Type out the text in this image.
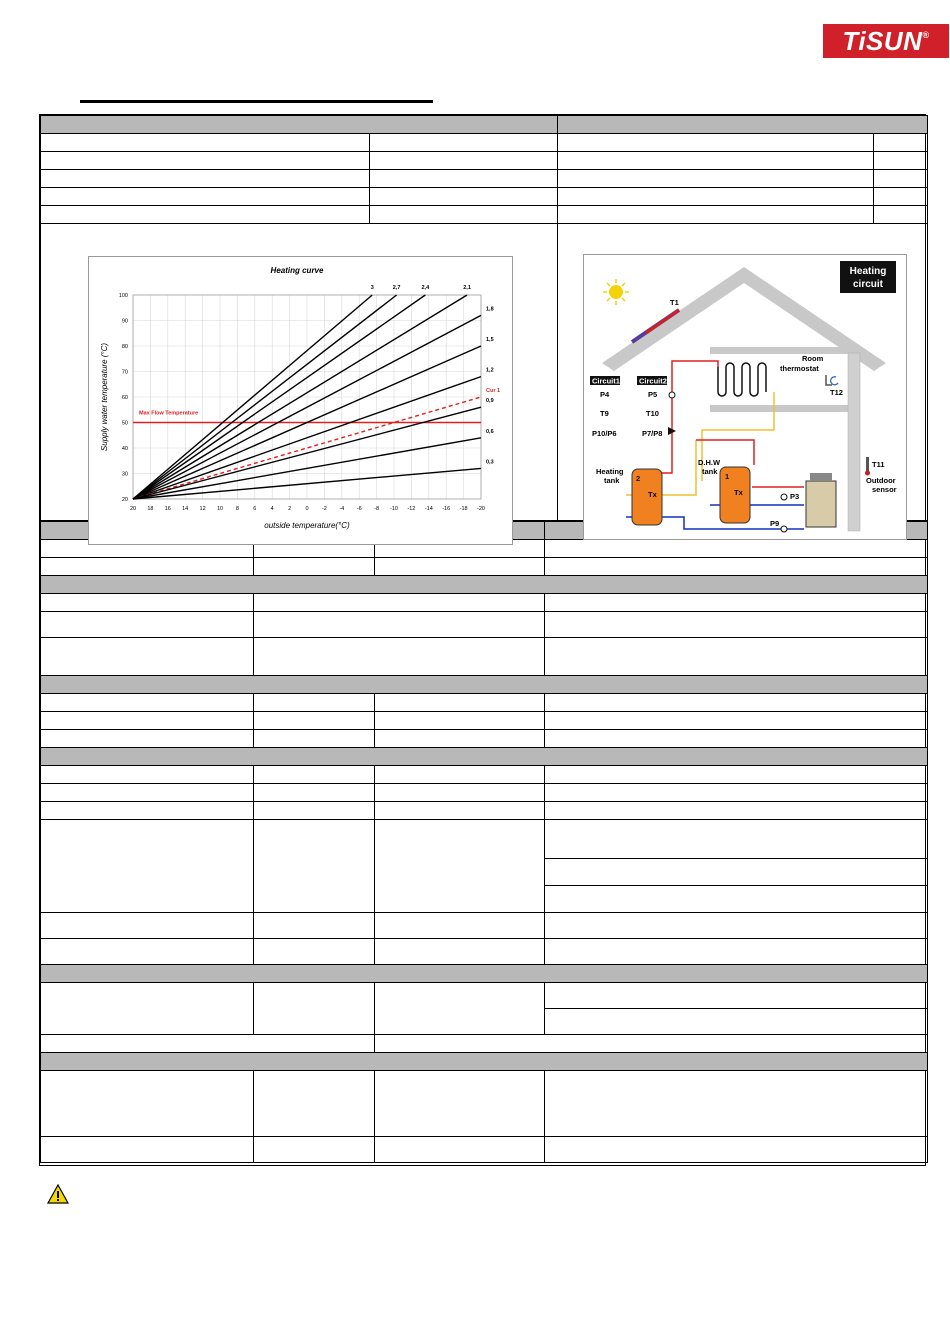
TiSUN®

20 18 16 14 12 10 8	6	4	2	0 -2 -4 -6 -8 -10 -12 -14 -16 -18 -20
20
30
40
50
60
70
80
90
100
Max Flow Temperature
3	2,7	2,4	2,1
1,8
1,5
1,2
Cur 1
0,9
0,6
0,3
Heating curve
outside temperature(°C)
Supply water temperature (°C)
T1
Heating
circuit
Room
thermostat
T12
Circuit1	Circuit2
P4	P5
T9	T10
P10/P6	P7/P8
P3
P9
2
Tx
Heating
tank	1
Tx
D.H.W
tank
T11
Outdoor
sensor
